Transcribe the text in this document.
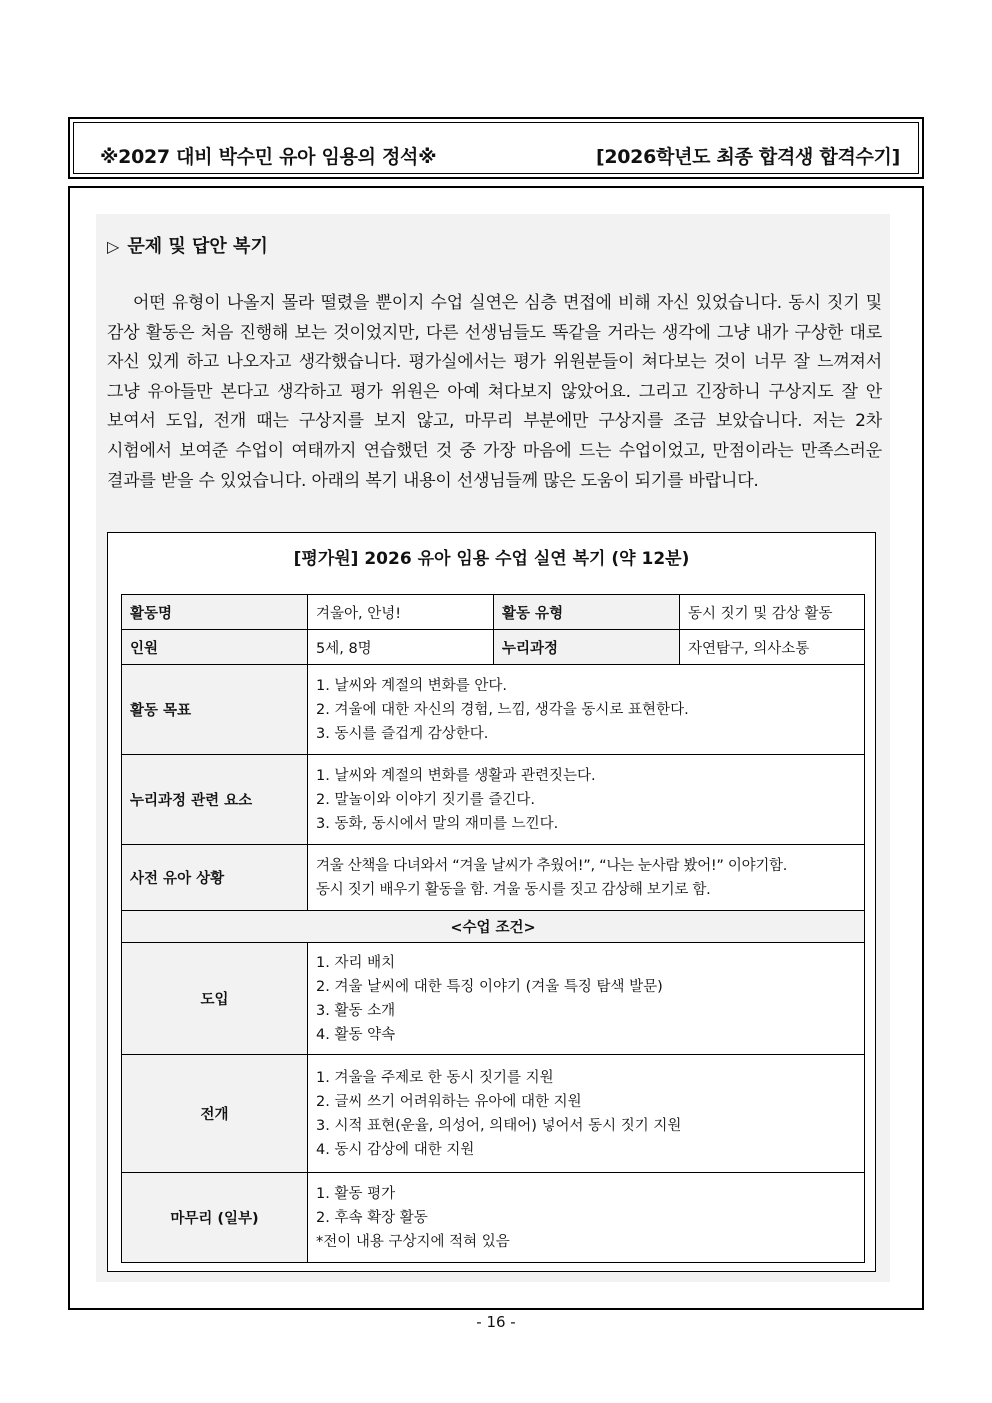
※2027 대비 박수민 유아 임용의 정석※	[2026학년도 최종 합격생 합격수기]
▷ 문제 및 답안 복기

어떤 유형이 나올지 몰라 떨렸을 뿐이지 수업 실연은 심층 면접에 비해 자신 있었습니다. 동시 짓기 및 감상 활동은 처음 진행해 보는 것이었지만, 다른 선생님들도 똑같을 거라는 생각에 그냥 내가 구상한 대로 자신 있게 하고 나오자고 생각했습니다. 평가실에서는 평가 위원분들이 쳐다보는 것이 너무 잘 느껴져서 그냥 유아들만 본다고 생각하고 평가 위원은 아예 쳐다보지 않았어요. 그리고 긴장하니 구상지도 잘 안 보여서 도입, 전개 때는 구상지를 보지 않고, 마무리 부분에만 구상지를 조금 보았습니다. 저는 2차 시험에서 보여준 수업이 여태까지 연습했던 것 중 가장 마음에 드는 수업이었고, 만점이라는 만족스러운 결과를 받을 수 있었습니다. 아래의 복기 내용이 선생님들께 많은 도움이 되기를 바랍니다.

[평가원] 2026 유아 임용 수업 실연 복기 (약 12분)
활동명	겨울아, 안녕!	활동 유형	동시 짓기 및 감상 활동
인원	5세, 8명	누리과정	자연탐구, 의사소통
활동 목표	1. 날씨와 계절의 변화를 안다.
2. 겨울에 대한 자신의 경험, 느낌, 생각을 동시로 표현한다.
3. 동시를 즐겁게 감상한다.		

누리과정 관련 요소	1. 날씨와 계절의 변화를 생활과 관련짓는다.
2. 말놀이와 이야기 짓기를 즐긴다.
3. 동화, 동시에서 말의 재미를 느낀다.		

사전 유아 상황	겨울 산책을 다녀와서 “겨울 날씨가 추웠어!”, “나는 눈사람 봤어!” 이야기함.
동시 짓기 배우기 활동을 함. 겨울 동시를 짓고 감상해 보기로 함.		

<수업 조건>			
도입	1. 자리 배치
2. 겨울 날씨에 대한 특징 이야기 (겨울 특징 탐색 발문)
3. 활동 소개
4. 활동 약속		

전개	1. 겨울을 주제로 한 동시 짓기를 지원
2. 글씨 쓰기 어려워하는 유아에 대한 지원
3. 시적 표현(운율, 의성어, 의태어) 넣어서 동시 짓기 지원
4. 동시 감상에 대한 지원		

마무리 (일부)	1. 활동 평가
2. 후속 확장 활동
*전이 내용 구상지에 적혀 있음		
- 16 -
